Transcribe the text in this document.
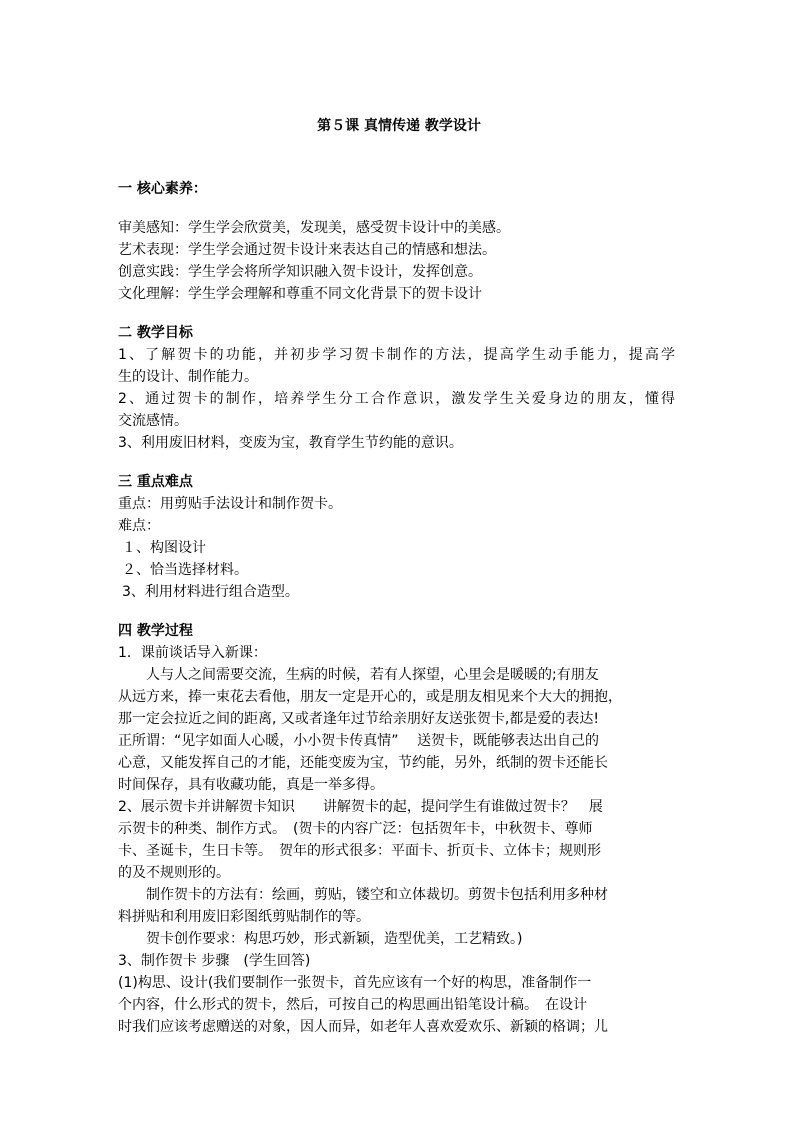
第５课 真情传递 教学设计
一 核心素养：
审美感知：学生学会欣赏美，发现美，感受贺卡设计中的美感。
艺术表现：学生学会通过贺卡设计来表达自己的情感和想法。
创意实践：学生学会将所学知识融入贺卡设计，发挥创意。
文化理解：学生学会理解和尊重不同文化背景下的贺卡设计
二 教学目标
1、了解贺卡的功能，并初步学习贺卡制作的方法，提高学生动手能力，提高学
生的设计、制作能力。
2、通过贺卡的制作，培养学生分工合作意识，激发学生关爱身边的朋友，懂得
交流感情。
3、利用废旧材料，变废为宝，教育学生节约能的意识。
三 重点难点
重点：用剪贴手法设计和制作贺卡。
难点：
１、构图设计
２、恰当选择材料。
3、利用材料进行组合造型。
四 教学过程
1．课前谈话导入新课：
人与人之间需要交流，生病的时候，若有人探望，心里会是暖暖的;有朋友
从远方来，捧一束花去看他，朋友一定是开心的，或是朋友相见来个大大的拥抱，
那一定会拉近之间的距离, 又或者逢年过节给亲朋好友送张贺卡,都是爱的表达!
正所谓：“见字如面人心暖，小小贺卡传真情”　 送贺卡，既能够表达出自己的
心意，又能发挥自己的才能，还能变废为宝，节约能，另外，纸制的贺卡还能长
时间保存，具有收藏功能，真是一举多得。
2、展示贺卡并讲解贺卡知识　　讲解贺卡的起，提问学生有谁做过贺卡？　展
示贺卡的种类、制作方式。　(贺卡的内容广泛：包括贺年卡，中秋贺卡、尊师
卡、圣诞卡，生日卡等。　贺年的形式很多：平面卡、折页卡、立体卡；规则形
的及不规则形的。
制作贺卡的方法有：绘画，剪贴，镂空和立体裁切。剪贺卡包括利用多种材
料拼贴和利用废旧彩图纸剪贴制作的等。
贺卡创作要求：构思巧妙，形式新颖，造型优美，工艺精致。)
3、制作贺卡 步骤　(学生回答)
(1)构思、设计(我们要制作一张贺卡，首先应该有一个好的构思，准备制作一
个内容，什么形式的贺卡，然后，可按自己的构思画出铅笔设计稿。　在设计
时我们应该考虑赠送的对象，因人而异，如老年人喜欢爱欢乐、新颖的格调；儿
